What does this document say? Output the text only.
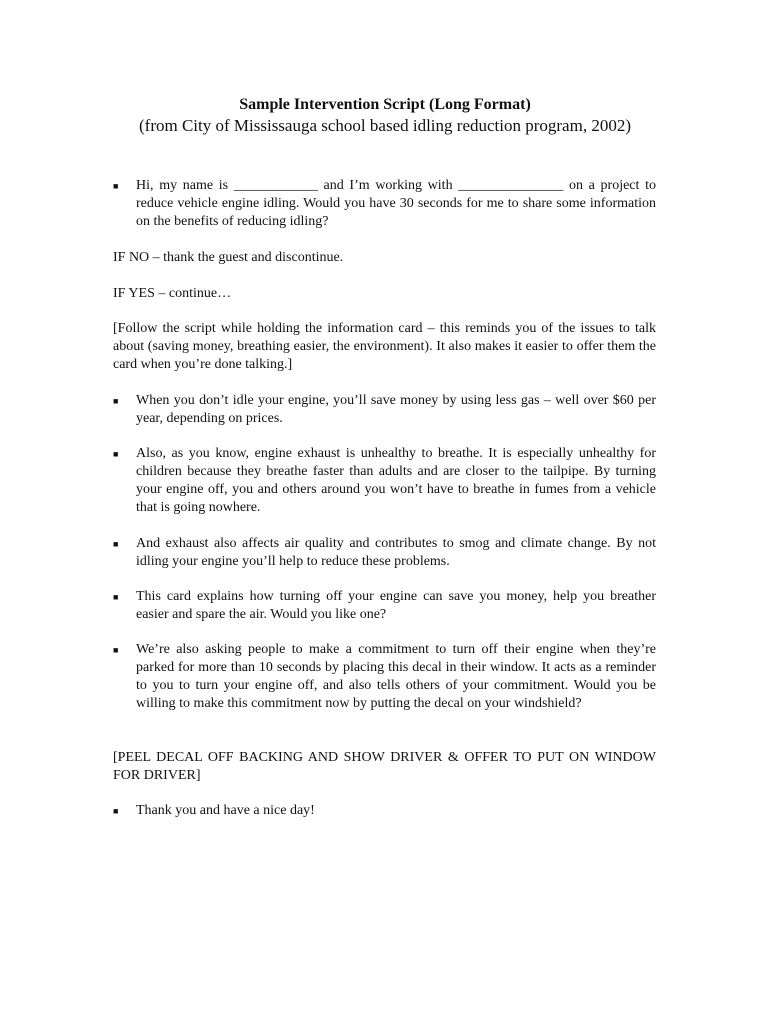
Sample Intervention Script (Long Format)
(from City of Mississauga school based idling reduction program, 2002)
■ Hi, my name is ____________ and I’m working with _______________ on a project to reduce vehicle engine idling. Would you have 30 seconds for me to share some information on the benefits of reducing idling?
IF NO – thank the guest and discontinue.
IF YES – continue…
[Follow the script while holding the information card – this reminds you of the issues to talk about (saving money, breathing easier, the environment). It also makes it easier to offer them the card when you’re done talking.]
■ When you don’t idle your engine, you’ll save money by using less gas – well over $60 per year, depending on prices.
■ Also, as you know, engine exhaust is unhealthy to breathe. It is especially unhealthy for children because they breathe faster than adults and are closer to the tailpipe. By turning your engine off, you and others around you won’t have to breathe in fumes from a vehicle that is going nowhere.
■ And exhaust also affects air quality and contributes to smog and climate change. By not idling your engine you’ll help to reduce these problems.
■ This card explains how turning off your engine can save you money, help you breather easier and spare the air. Would you like one?
■ We’re also asking people to make a commitment to turn off their engine when they’re parked for more than 10 seconds by placing this decal in their window. It acts as a reminder to you to turn your engine off, and also tells others of your commitment. Would you be willing to make this commitment now by putting the decal on your windshield?
[PEEL DECAL OFF BACKING AND SHOW DRIVER & OFFER TO PUT ON WINDOW FOR DRIVER]
■ Thank you and have a nice day!
